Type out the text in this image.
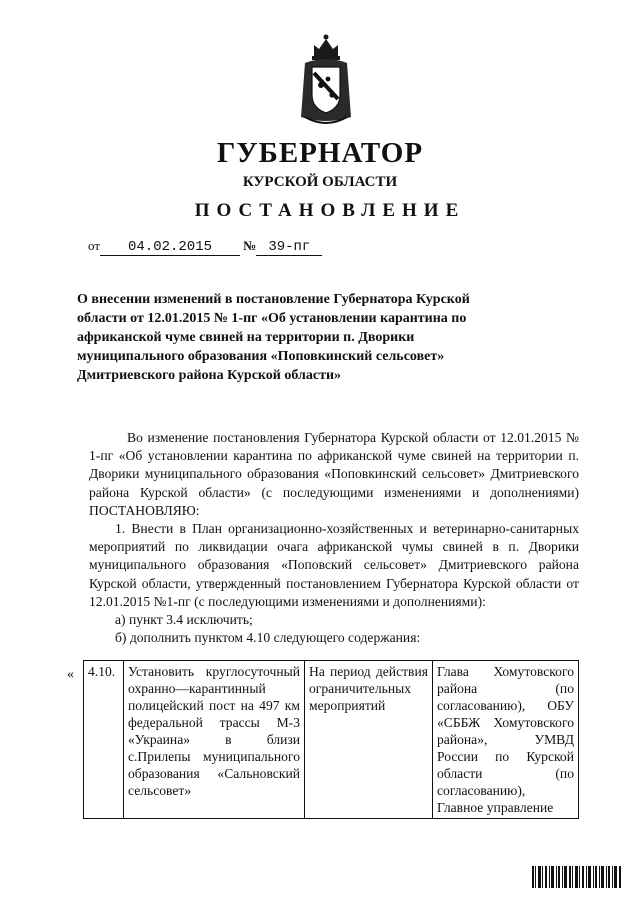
ГУБЕРНАТОР
КУРСКОЙ ОБЛАСТИ
ПОСТАНОВЛЕНИЕ
от 04.02.2015 № 39-пг
О внесении изменений в постановление Губернатора Курской области от 12.01.2015 № 1-пг «Об установлении карантина по африканской чуме свиней на территории п. Дворики муниципального образования «Поповкинский сельсовет» Дмитриевского района Курской области»

Во изменение постановления Губернатора Курской области от 12.01.2015 № 1-пг «Об установлении карантина по африканской чуме свиней на территории п. Дворики муниципального образования «Поповкинский сельсовет» Дмитриевского района Курской области» (с последующими изменениями и дополнениями) ПОСТАНОВЛЯЮ:

1. Внести в План организационно-хозяйственных и ветеринарно-санитарных мероприятий по ликвидации очага африканской чумы свиней в п. Дворики муниципального образования «Поповский сельсовет» Дмитриевского района Курской области, утвержденный постановлением Губернатора Курской области от 12.01.2015 №1-пг (с последующими изменениями и дополнениями):

а) пункт 3.4 исключить;

б) дополнить пунктом 4.10 следующего содержания:

« 4.10.	Установить круглосуточный охранно—карантинный полицейский пост на 497 км федеральной трассы М-3 «Украина» в близи с.Прилепы муниципального образования «Сальновский сельсовет»	На период действия ограничительных мероприятий	Глава Хомутовского района (по согласованию), ОБУ «СББЖ Хомутовского района», УМВД России по Курской области (по согласованию), Главное управление
